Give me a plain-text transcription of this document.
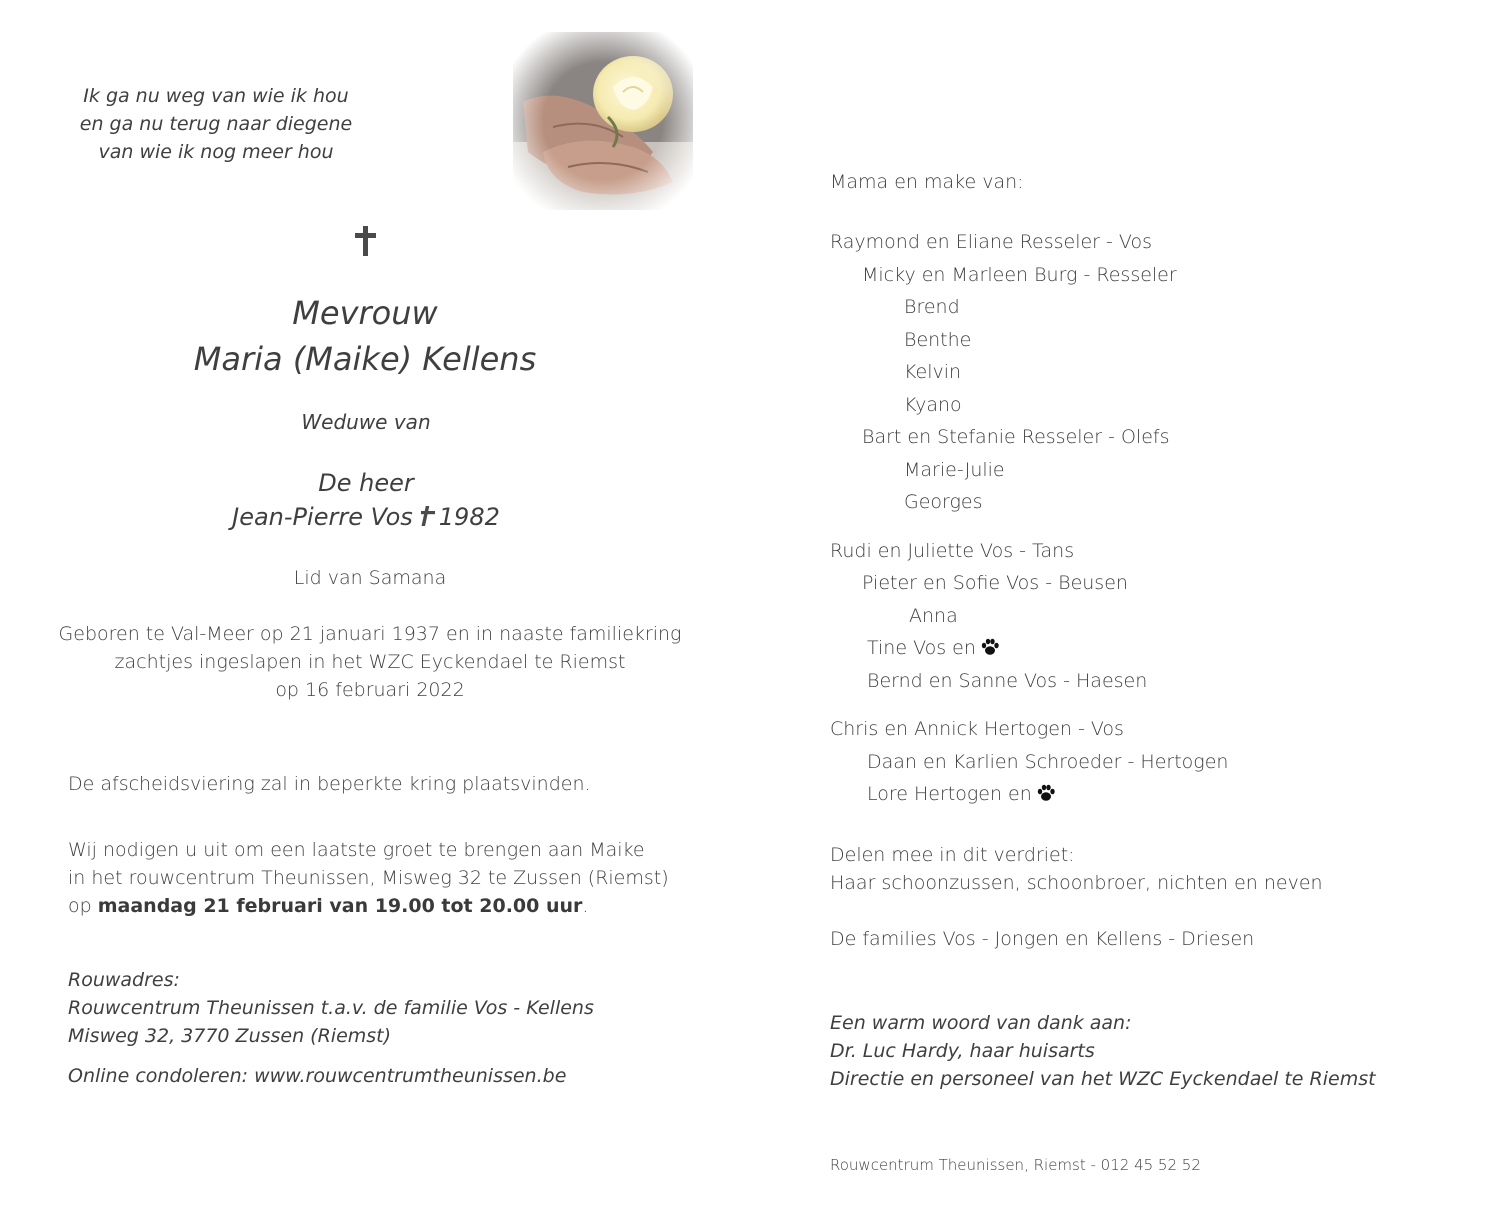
Ik ga nu weg van wie ik hou
en ga nu terug naar diegene
van wie ik nog meer hou
Mevrouw
Maria (Maike) Kellens
Weduwe van
De heer
Jean-Pierre Vos 1982
Lid van Samana
Geboren te Val-Meer op 21 januari 1937 en in naaste familiekring
zachtjes ingeslapen in het WZC Eyckendael te Riemst
op 16 februari 2022
De afscheidsviering zal in beperkte kring plaatsvinden.
Wij nodigen u uit om een laatste groet te brengen aan Maike
in het rouwcentrum Theunissen, Misweg 32 te Zussen (Riemst)
op maandag 21 februari van 19.00 tot 20.00 uur.
Rouwadres:
Rouwcentrum Theunissen t.a.v. de familie Vos - Kellens
Misweg 32, 3770 Zussen (Riemst)
Online condoleren: www.rouwcentrumtheunissen.be
Mama en make van:
Raymond en Eliane Resseler - Vos
Micky en Marleen Burg - Resseler
Brend
Benthe
Kelvin
Kyano
Bart en Stefanie Resseler - Olefs
Marie-Julie
Georges
Rudi en Juliette Vos - Tans
Pieter en Sofie Vos - Beusen
Anna
Tine Vos en
Bernd en Sanne Vos - Haesen
Chris en Annick Hertogen - Vos
Daan en Karlien Schroeder - Hertogen
Lore Hertogen en
Delen mee in dit verdriet:
Haar schoonzussen, schoonbroer, nichten en neven
De families Vos - Jongen en Kellens - Driesen
Een warm woord van dank aan:
Dr. Luc Hardy, haar huisarts
Directie en personeel van het WZC Eyckendael te Riemst
Rouwcentrum Theunissen, Riemst - 012 45 52 52
